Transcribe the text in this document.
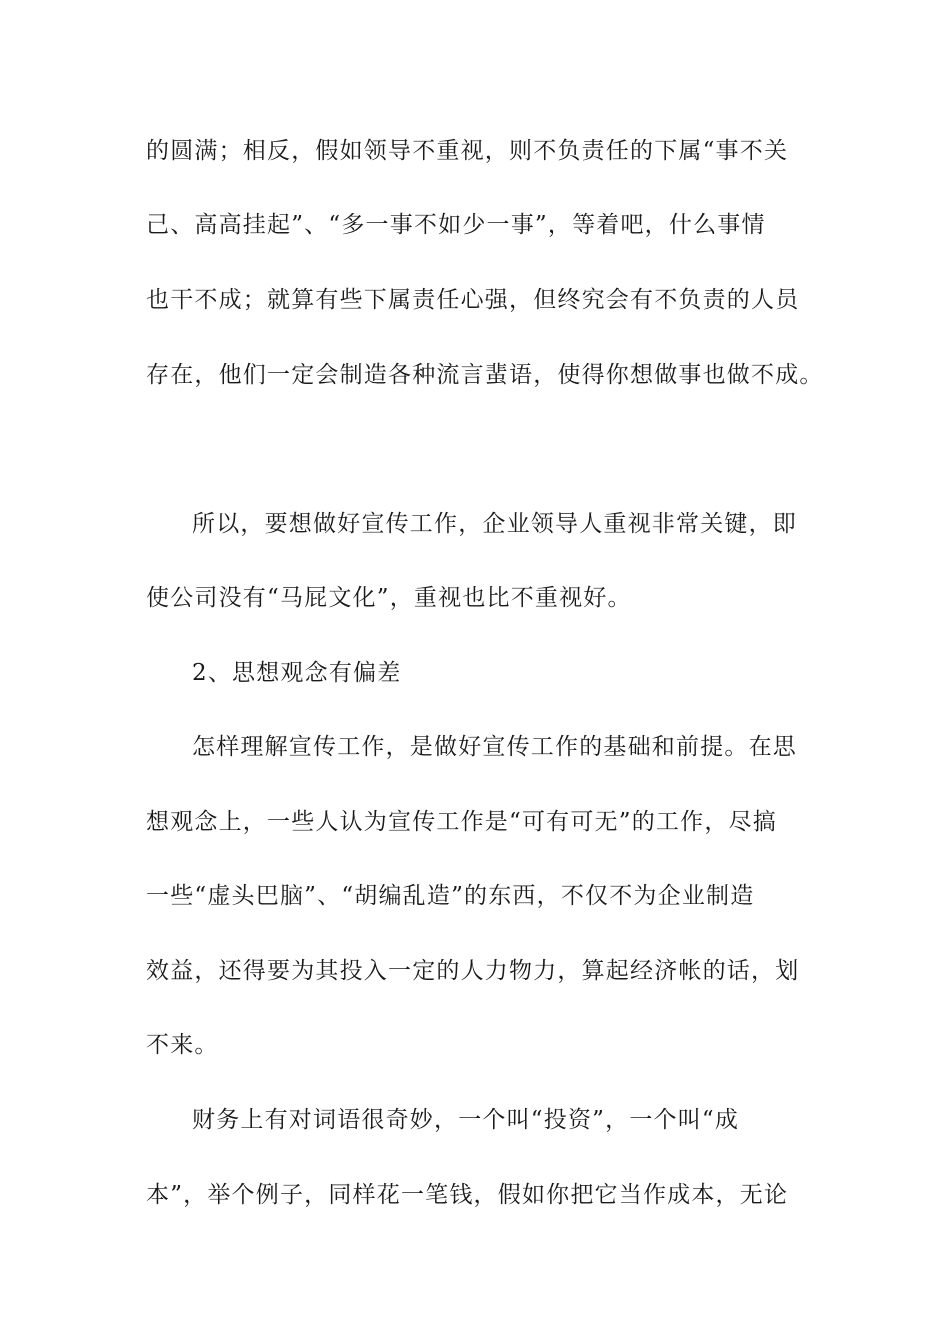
的圆满；相反，假如领导不重视，则不负责任的下属“事不关
己、高高挂起”、“多一事不如少一事”，等着吧，什么事情
也干不成；就算有些下属责任心强，但终究会有不负责的人员
存在，他们一定会制造各种流言蜚语，使得你想做事也做不成。
所以，要想做好宣传工作，企业领导人重视非常关键，即
使公司没有“马屁文化”，重视也比不重视好。
2、思想观念有偏差
怎样理解宣传工作，是做好宣传工作的基础和前提。在思
想观念上，一些人认为宣传工作是“可有可无”的工作，尽搞
一些“虚头巴脑”、“胡编乱造”的东西，不仅不为企业制造
效益，还得要为其投入一定的人力物力，算起经济帐的话，划
不来。
财务上有对词语很奇妙，一个叫“投资”，一个叫“成
本”，举个例子，同样花一笔钱，假如你把它当作成本，无论
